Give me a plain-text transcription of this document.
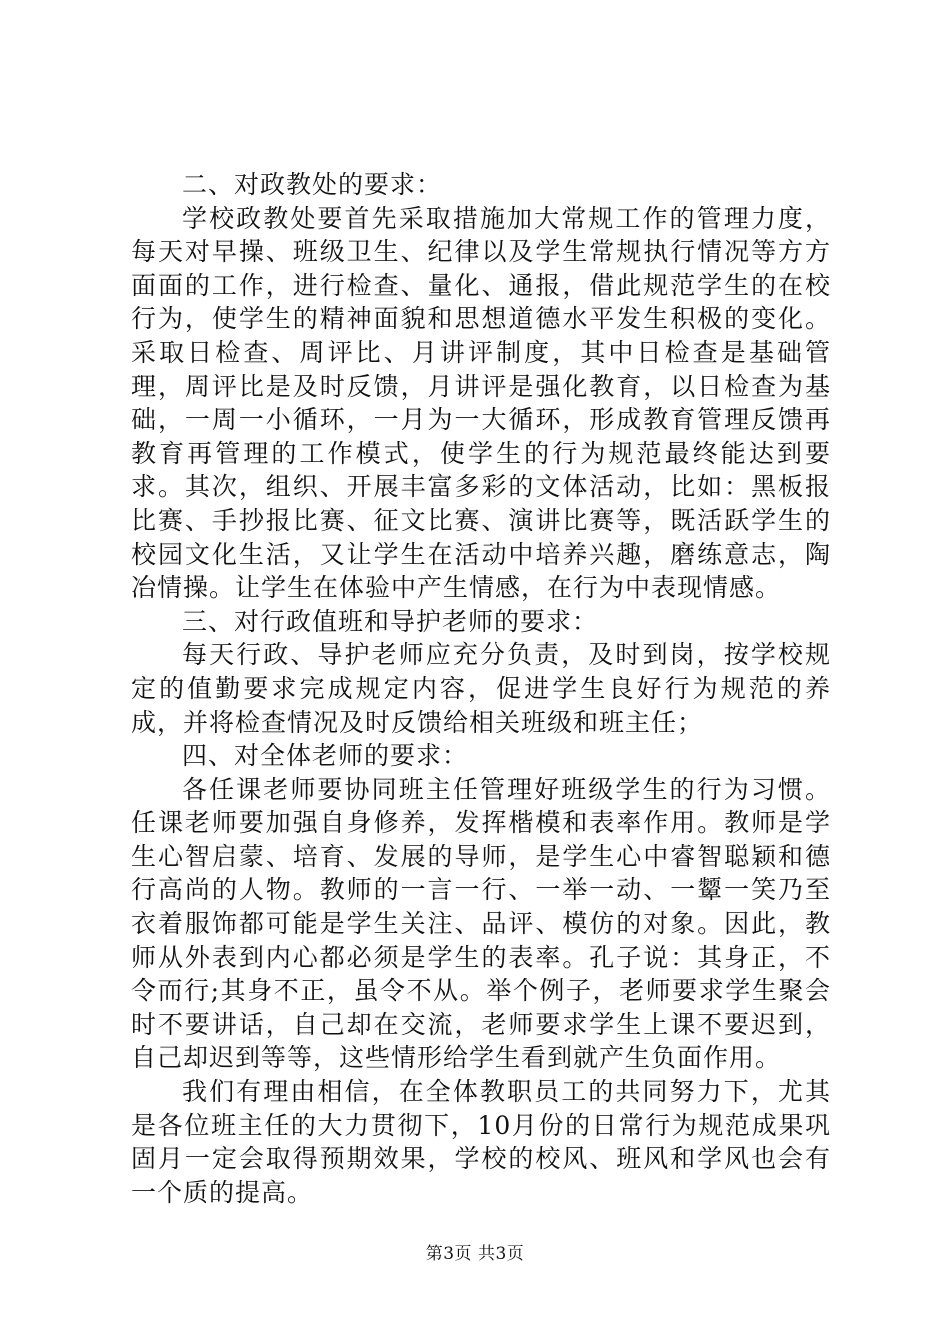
二、对政教处的要求：

学校政教处要首先采取措施加大常规工作的管理力度，每天对早操、班级卫生、纪律以及学生常规执行情况等方方面面的工作，进行检查、量化、通报，借此规范学生的在校行为，使学生的精神面貌和思想道德水平发生积极的变化。采取日检查、周评比、月讲评制度，其中日检查是基础管理，周评比是及时反馈，月讲评是强化教育，以日检查为基础，一周一小循环，一月为一大循环，形成教育管理反馈再教育再管理的工作模式，使学生的行为规范最终能达到要求。其次，组织、开展丰富多彩的文体活动，比如：黑板报比赛、手抄报比赛、征文比赛、演讲比赛等，既活跃学生的校园文化生活，又让学生在活动中培养兴趣，磨练意志，陶冶情操。让学生在体验中产生情感，在行为中表现情感。

三、对行政值班和导护老师的要求：

每天行政、导护老师应充分负责，及时到岗，按学校规定的值勤要求完成规定内容，促进学生良好行为规范的养成，并将检查情况及时反馈给相关班级和班主任；

四、对全体老师的要求：

各任课老师要协同班主任管理好班级学生的行为习惯。任课老师要加强自身修养，发挥楷模和表率作用。教师是学生心智启蒙、培育、发展的导师，是学生心中睿智聪颖和德行高尚的人物。教师的一言一行、一举一动、一颦一笑乃至衣着服饰都可能是学生关注、品评、模仿的对象。因此，教师从外表到内心都必须是学生的表率。孔子说：其身正，不令而行;其身不正，虽令不从。举个例子，老师要求学生聚会时不要讲话，自己却在交流，老师要求学生上课不要迟到，自己却迟到等等，这些情形给学生看到就产生负面作用。

我们有理由相信，在全体教职员工的共同努力下，尤其是各位班主任的大力贯彻下，10月份的日常行为规范成果巩固月一定会取得预期效果，学校的校风、班风和学风也会有一个质的提高。

第3页 共3页
